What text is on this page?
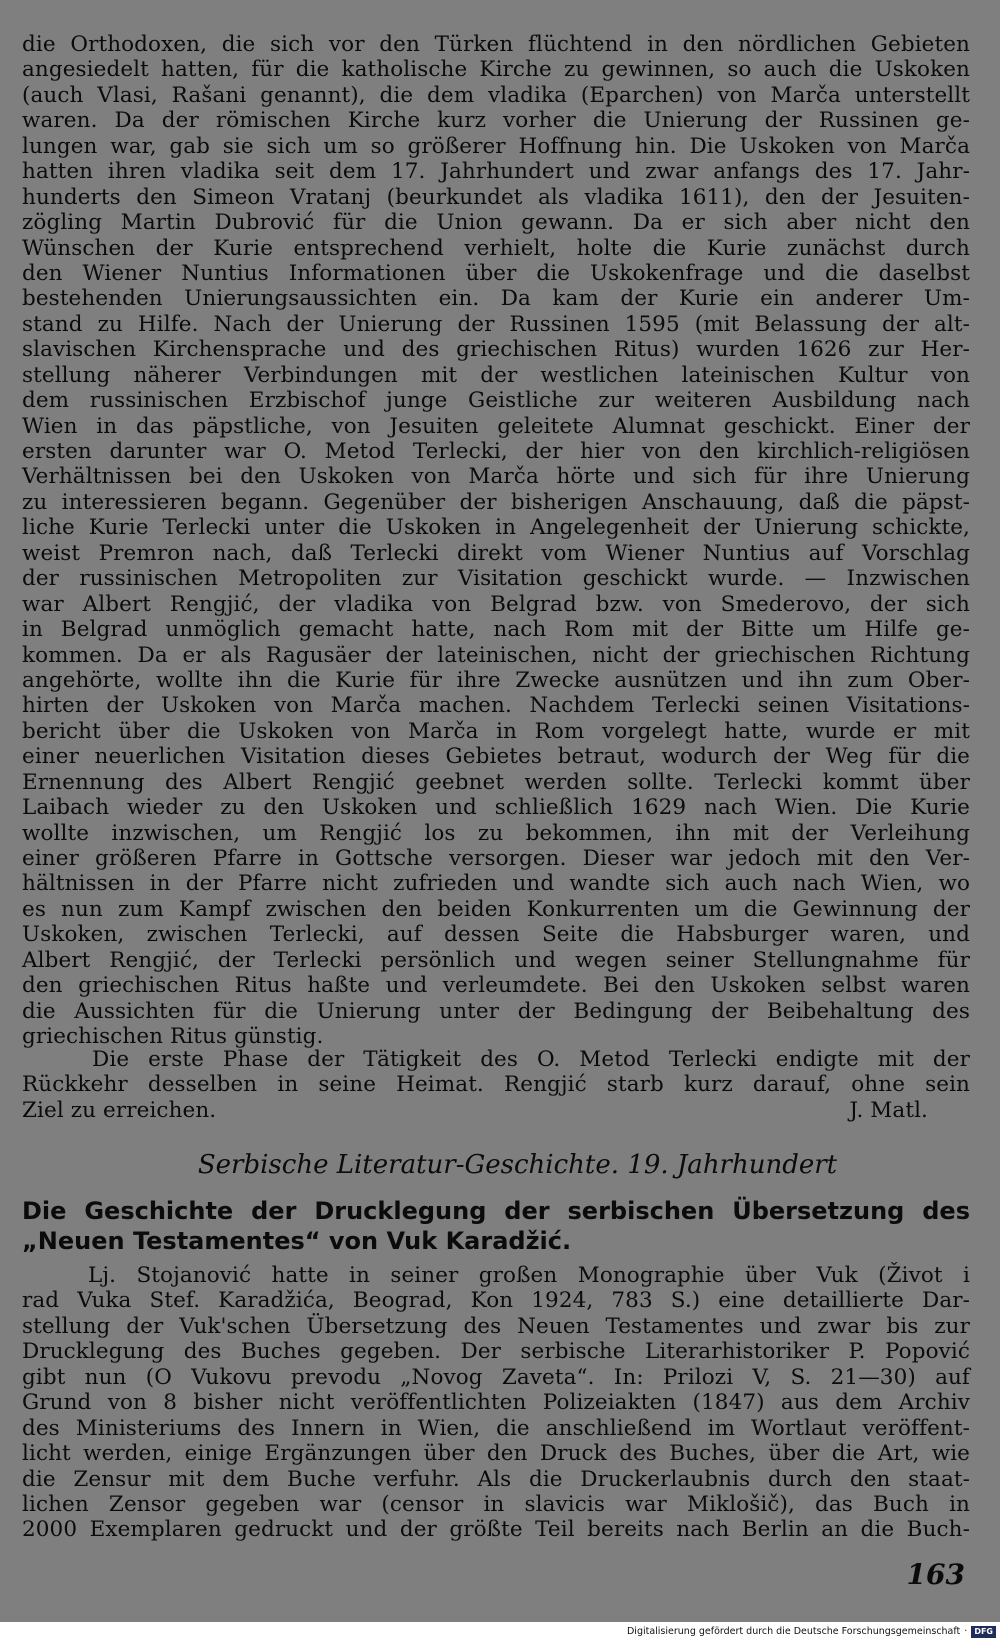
die Orthodoxen, die sich vor den Türken flüchtend in den nördlichen Gebieten
angesiedelt hatten, für die katholische Kirche zu gewinnen, so auch die Uskoken
(auch Vlasi, Rašani genannt), die dem vladika (Eparchen) von Marča unterstellt
waren. Da der römischen Kirche kurz vorher die Unierung der Russinen ge-
lungen war, gab sie sich um so größerer Hoffnung hin. Die Uskoken von Marča
hatten ihren vladika seit dem 17. Jahrhundert und zwar anfangs des 17. Jahr-
hunderts den Simeon Vratanj (beurkundet als vladika 1611), den der Jesuiten-
zögling Martin Dubrović für die Union gewann. Da er sich aber nicht den
Wünschen der Kurie entsprechend verhielt, holte die Kurie zunächst durch
den Wiener Nuntius Informationen über die Uskokenfrage und die daselbst
bestehenden Unierungsaussichten ein. Da kam der Kurie ein anderer Um-
stand zu Hilfe. Nach der Unierung der Russinen 1595 (mit Belassung der alt-
slavischen Kirchensprache und des griechischen Ritus) wurden 1626 zur Her-
stellung näherer Verbindungen mit der westlichen lateinischen Kultur von
dem russinischen Erzbischof junge Geistliche zur weiteren Ausbildung nach
Wien in das päpstliche, von Jesuiten geleitete Alumnat geschickt. Einer der
ersten darunter war O. Metod Terlecki, der hier von den kirchlich-religiösen
Verhältnissen bei den Uskoken von Marča hörte und sich für ihre Unierung
zu interessieren begann. Gegenüber der bisherigen Anschauung, daß die päpst-
liche Kurie Terlecki unter die Uskoken in Angelegenheit der Unierung schickte,
weist Premron nach, daß Terlecki direkt vom Wiener Nuntius auf Vorschlag
der russinischen Metropoliten zur Visitation geschickt wurde. — Inzwischen
war Albert Rengjić, der vladika von Belgrad bzw. von Smederovo, der sich
in Belgrad unmöglich gemacht hatte, nach Rom mit der Bitte um Hilfe ge-
kommen. Da er als Ragusäer der lateinischen, nicht der griechischen Richtung
angehörte, wollte ihn die Kurie für ihre Zwecke ausnützen und ihn zum Ober-
hirten der Uskoken von Marča machen. Nachdem Terlecki seinen Visitations-
bericht über die Uskoken von Marča in Rom vorgelegt hatte, wurde er mit
einer neuerlichen Visitation dieses Gebietes betraut, wodurch der Weg für die
Ernennung des Albert Rengjić geebnet werden sollte. Terlecki kommt über
Laibach wieder zu den Uskoken und schließlich 1629 nach Wien. Die Kurie
wollte inzwischen, um Rengjić los zu bekommen, ihn mit der Verleihung
einer größeren Pfarre in Gottsche versorgen. Dieser war jedoch mit den Ver-
hältnissen in der Pfarre nicht zufrieden und wandte sich auch nach Wien, wo
es nun zum Kampf zwischen den beiden Konkurrenten um die Gewinnung der
Uskoken, zwischen Terlecki, auf dessen Seite die Habsburger waren, und
Albert Rengjić, der Terlecki persönlich und wegen seiner Stellungnahme für
den griechischen Ritus haßte und verleumdete. Bei den Uskoken selbst waren
die Aussichten für die Unierung unter der Bedingung der Beibehaltung des
griechischen Ritus günstig.
Die erste Phase der Tätigkeit des O. Metod Terlecki endigte mit der
Rückkehr desselben in seine Heimat. Rengjić starb kurz darauf, ohne sein
Ziel zu erreichen.	J. Matl.
Serbische Literatur-Geschichte. 19. Jahrhundert
Die Geschichte der Drucklegung der serbischen Übersetzung des
„Neuen Testamentes“ von Vuk Karadžić.
Lj. Stojanović hatte in seiner großen Monographie über Vuk (Život i
rad Vuka Stef. Karadžića, Beograd, Kon 1924, 783 S.) eine detaillierte Dar-
stellung der Vuk'schen Übersetzung des Neuen Testamentes und zwar bis zur
Drucklegung des Buches gegeben. Der serbische Literarhistoriker P. Popović
gibt nun (O Vukovu prevodu „Novog Zaveta“. In: Prilozi V, S. 21—30) auf
Grund von 8 bisher nicht veröffentlichten Polizeiakten (1847) aus dem Archiv
des Ministeriums des Innern in Wien, die anschließend im Wortlaut veröffent-
licht werden, einige Ergänzungen über den Druck des Buches, über die Art, wie
die Zensur mit dem Buche verfuhr. Als die Druckerlaubnis durch den staat-
lichen Zensor gegeben war (censor in slavicis war Miklošič), das Buch in
2000 Exemplaren gedruckt und der größte Teil bereits nach Berlin an die Buch-
163
Digitalisierung gefördert durch die Deutsche Forschungsgemeinschaft · DFG
